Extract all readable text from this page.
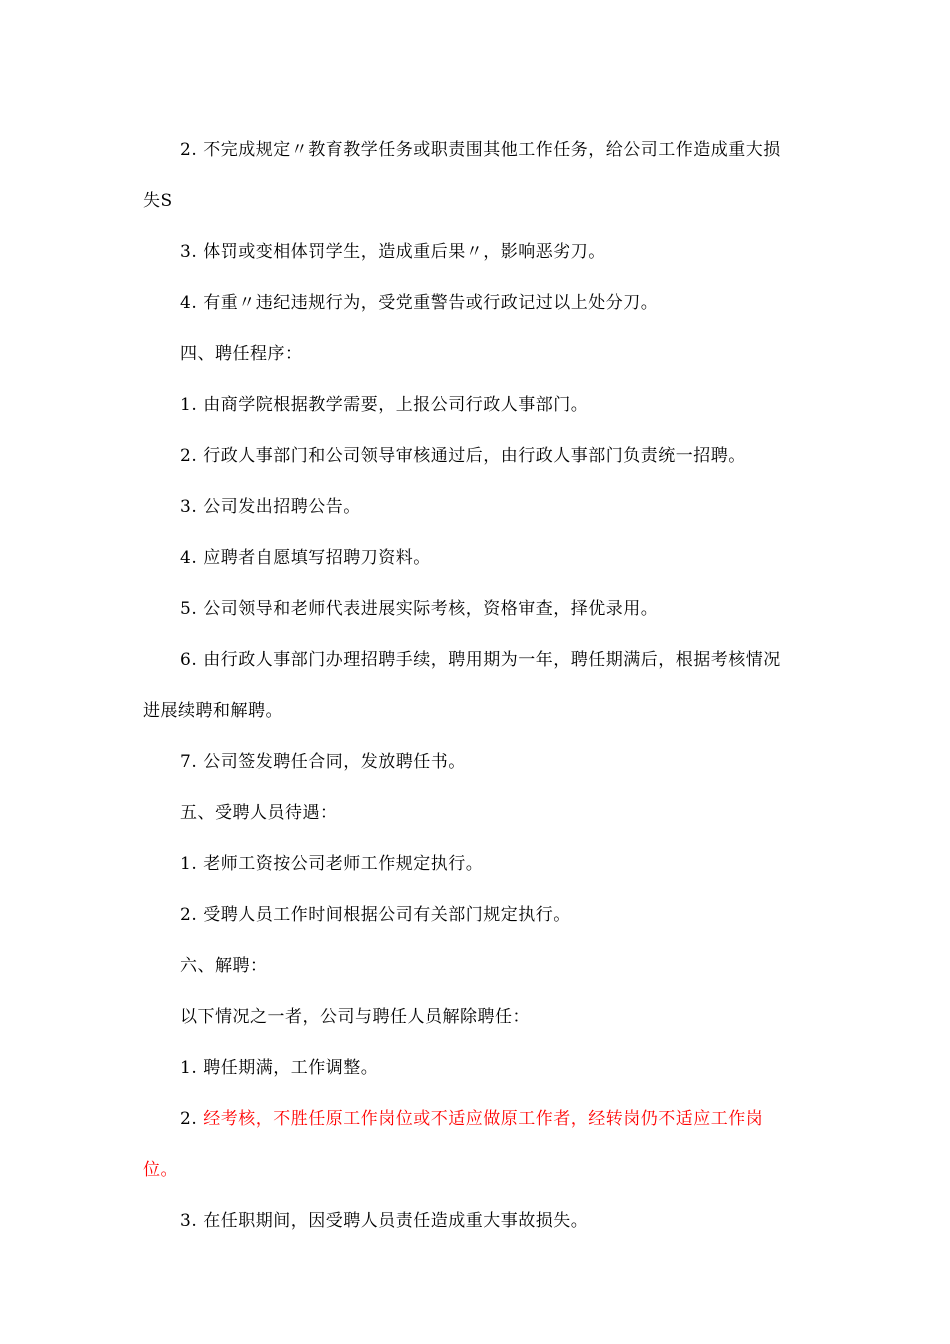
2. 不完成规定〃教育教学任务或职责围其他工作任务，给公司工作造成重大损
失S
3. 体罚或变相体罚学生，造成重后果〃，影响恶劣刀。
4. 有重〃违纪违规行为，受党重警告或行政记过以上处分刀。
四、聘任程序：
1. 由商学院根据教学需要，上报公司行政人事部门。
2. 行政人事部门和公司领导审核通过后，由行政人事部门负责统一招聘。
3. 公司发出招聘公告。
4. 应聘者自愿填写招聘刀资料。
5. 公司领导和老师代表进展实际考核，资格审查，择优录用。
6. 由行政人事部门办理招聘手续，聘用期为一年，聘任期满后，根据考核情况
进展续聘和解聘。
7. 公司签发聘任合同，发放聘任书。
五、受聘人员待遇：
1. 老师工资按公司老师工作规定执行。
2. 受聘人员工作时间根据公司有关部门规定执行。
六、解聘：
以下情况之一者，公司与聘任人员解除聘任：
1. 聘任期满，工作调整。
2. 经考核，不胜任原工作岗位或不适应做原工作者，经转岗仍不适应工作岗
位。
3. 在任职期间，因受聘人员责任造成重大事故损失。
